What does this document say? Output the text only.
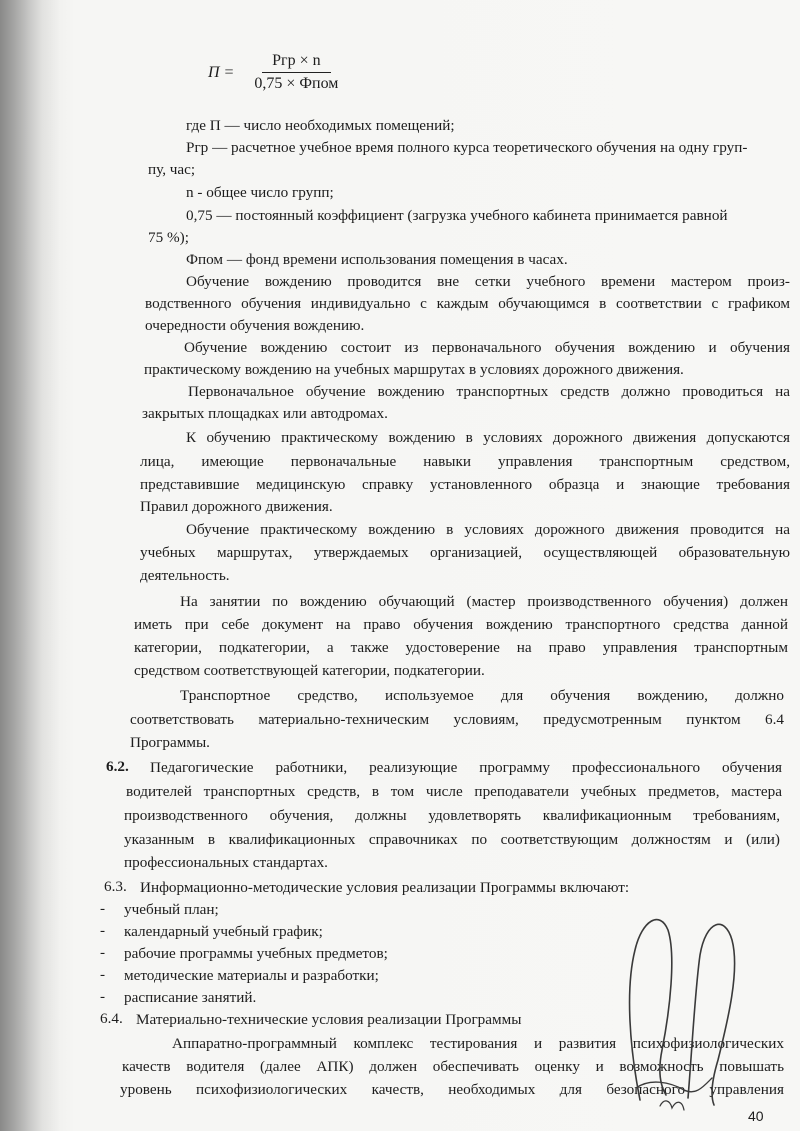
$П = \frac{\text{Ргр × n}}{\text{0,75 × Фпом}}$
где П — число необходимых помещений;
Ргр — расчетное учебное время полного курса теоретического обучения на одну груп-
пу, час;
n - общее число групп;
0,75 — постоянный коэффициент (загрузка учебного кабинета принимается равной
75 %);
Фпом — фонд времени использования помещения в часах.
Обучение вождению проводится вне сетки учебного времени мастером произ-
водственного обучения индивидуально с каждым обучающимся в соответствии с графиком
очередности обучения вождению.
Обучение вождению состоит из первоначального обучения вождению и обучения
практическому вождению на учебных маршрутах в условиях дорожного движения.
Первоначальное обучение вождению транспортных средств должно проводиться на
закрытых площадках или автодромах.
К обучению практическому вождению в условиях дорожного движения допускаются
лица, имеющие первоначальные навыки управления транспортным средством,
представившие медицинскую справку установленного образца и знающие требования
Правил дорожного движения.
Обучение практическому вождению в условиях дорожного движения проводится на
учебных маршрутах, утверждаемых организацией, осуществляющей образовательную
деятельность.
На занятии по вождению обучающий (мастер производственного обучения) должен
иметь при себе документ на право обучения вождению транспортного средства данной
категории, подкатегории, а также удостоверение на право управления транспортным
средством соответствующей категории, подкатегории.
Транспортное средство, используемое для обучения вождению, должно
соответствовать материально-техническим условиям, предусмотренным пунктом 6.4
Программы.
6.2. Педагогические работники, реализующие программу профессионального обучения
водителей транспортных средств, в том числе преподаватели учебных предметов, мастера
производственного обучения, должны удовлетворять квалификационным требованиям,
указанным в квалификационных справочниках по соответствующим должностям и (или)
профессиональных стандартах.
6.3. Информационно-методические условия реализации Программы включают:
- учебный план;
- календарный учебный график;
- рабочие программы учебных предметов;
- методические материалы и разработки;
- расписание занятий.
6.4. Материально-технические условия реализации Программы
Аппаратно-программный комплекс тестирования и развития психофизиологических
качеств водителя (далее АПК) должен обеспечивать оценку и возможность повышать
уровень психофизиологических качеств, необходимых для безопасного управления
40
